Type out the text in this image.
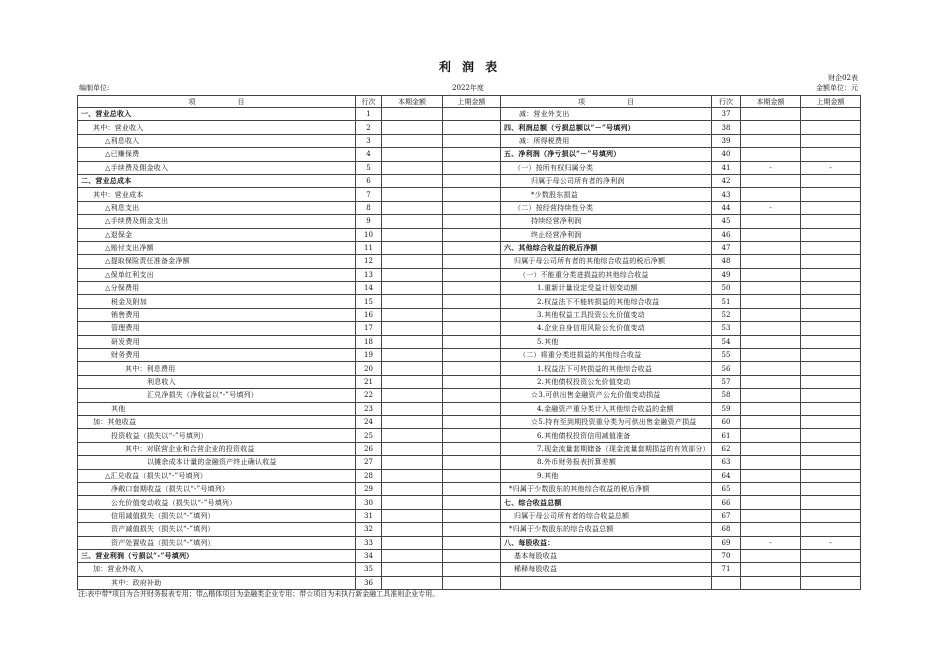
利 润 表
财企02表
编制单位:	2022年度	金额单位：元
项　　　　　　目	行次	本期金额	上期金额	项　　　　　　目	行次	本期金额	上期金额
一、营业总收入	1			减：营业外支出	37		
其中：营业收入	2			四、利润总额（亏损总额以“－”号填列）	38		
△利息收入	3			减：所得税费用	39		
△已赚保费	4			五、净利润（净亏损以“－”号填列）	40		
△手续费及佣金收入	5			（一）按所有权归属分类	41	-	-
二、营业总成本	6			归属于母公司所有者的净利润	42		
其中：营业成本	7			*少数股东损益	43		
△利息支出	8			（二）按经营持续性分类	44	-	
△手续费及佣金支出	9			持续经营净利润	45		
△退保金	10			终止经营净利润	46		
△赔付支出净额	11			六、其他综合收益的税后净额	47		
△提取保险责任准备金净额	12			归属于母公司所有者的其他综合收益的税后净额	48		
△保单红利支出	13			（一）不能重分类进损益的其他综合收益	49		
△分保费用	14			1.重新计量设定受益计划变动额	50		
税金及附加	15			2.权益法下不能转损益的其他综合收益	51		
销售费用	16			3.其他权益工具投资公允价值变动	52		
管理费用	17			4.企业自身信用风险公允价值变动	53		
研发费用	18			5.其他	54		
财务费用	19			（二）将重分类进损益的其他综合收益	55		
其中：利息费用	20			1.权益法下可转损益的其他综合收益	56		
利息收入	21			2.其他债权投资公允价值变动	57		
汇兑净损失（净收益以“-”号填列）	22			☆3.可供出售金融资产公允价值变动损益	58		
其他	23			4.金融资产重分类计入其他综合收益的金额	59		
加：其他收益	24			☆5.持有至到期投资重分类为可供出售金融资产损益	60		
投资收益（损失以“-”号填列）	25			6.其他债权投资信用减值准备	61		
其中：对联营企业和合营企业的投资收益	26			7.现金流量套期储备（现金流量套期损益的有效部分）	62		
以摊余成本计量的金融资产终止确认收益	27			8.外币财务报表折算差额	63		
△汇兑收益（损失以“-”号填列）	28			9.其他	64		
净敞口套期收益（损失以“-”号填列）	29			*归属于少数股东的其他综合收益的税后净额	65		
公允价值变动收益（损失以“-”号填列）	30			七、综合收益总额	66		
信用减值损失（损失以“-”填列）	31			归属于母公司所有者的综合收益总额	67		
资产减值损失（损失以“-”填列）	32			*归属于少数股东的综合收益总额	68		
资产处置收益（损失以“-”填列）	33			八、每股收益：	69	-	-
三、营业利润（亏损以“-”号填列）	34			基本每股收益	70		
加：营业外收入	35			稀释每股收益	71		
其中：政府补助	36						
注:表中带*项目为合并财务报表专用；带△楷体项目为金融类企业专用；带☆项目为未执行新金融工具准则企业专用。
